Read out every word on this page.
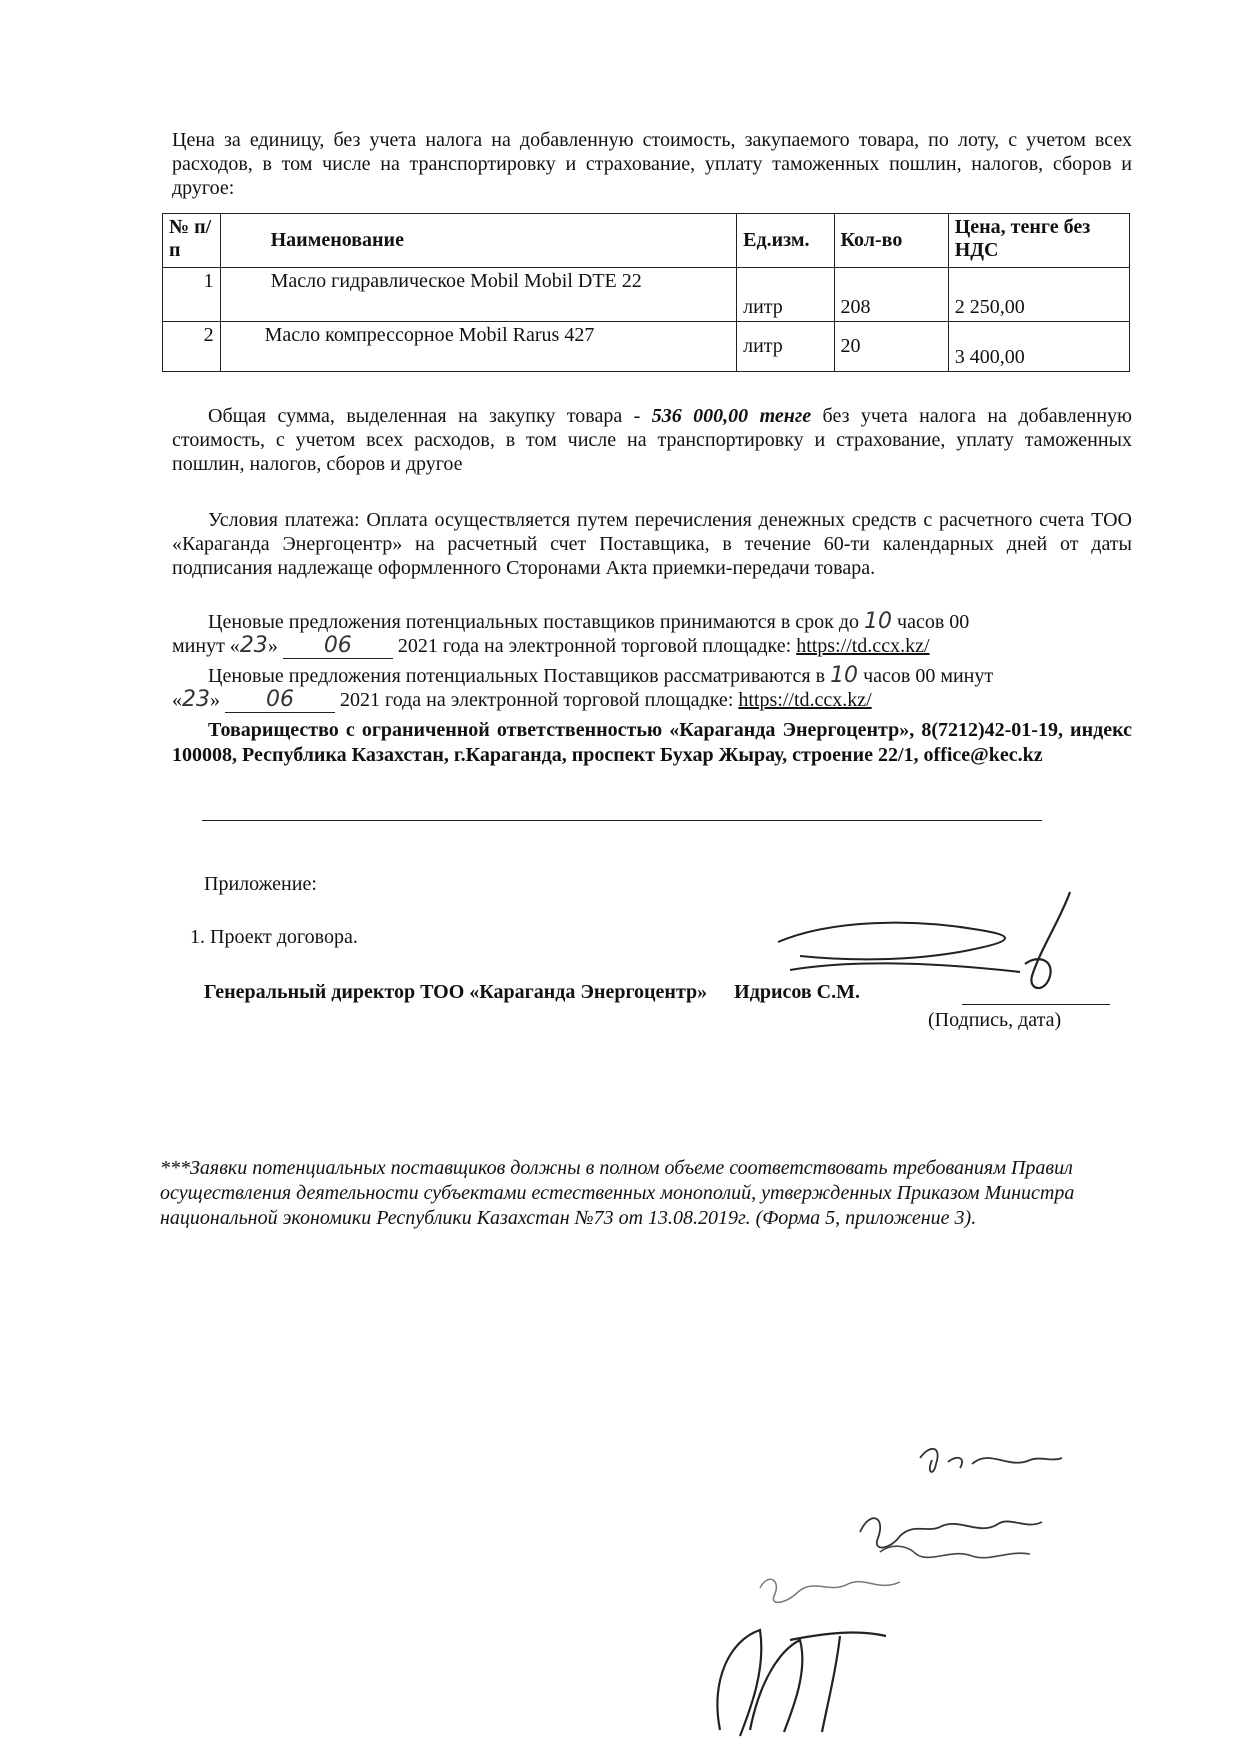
Цена за единицу, без учета налога на добавленную стоимость, закупаемого товара, по лоту, с учетом всех расходов, в том числе на транспортировку и страхование, уплату таможенных пошлин, налогов, сборов и другое:

№ п/п	Наименование	Ед.изм.	Кол-во	Цена, тенге без НДС
1	Масло гидравлическое Mobil Mobil DTE 22	литр	208	2 250,00
2	Масло компрессорное Mobil Rarus 427	литр	20	3 400,00

Общая сумма, выделенная на закупку товара - 536 000,00 тенге без учета налога на добавленную стоимость, с учетом всех расходов, в том числе на транспортировку и страхование, уплату таможенных пошлин, налогов, сборов и другое

Условия платежа: Оплата осуществляется путем перечисления денежных средств с расчетного счета ТОО «Караганда Энергоцентр» на расчетный счет Поставщика, в течение 60-ти календарных дней от даты подписания надлежаще оформленного Сторонами Акта приемки-передачи товара.

Ценовые предложения потенциальных поставщиков принимаются в срок до 10 часов 00
минут «23» 06 2021 года на электронной торговой площадке: https://td.ccx.kz/
Ценовые предложения потенциальных Поставщиков рассматриваются в 10 часов 00 минут
«23» 06 2021 года на электронной торговой площадке: https://td.ccx.kz/

Товарищество с ограниченной ответственностью «Караганда Энергоцентр», 8(7212)42-01-19, индекс 100008, Республика Казахстан, г.Караганда, проспект Бухар Жырау, строение 22/1, office@kec.kz

Приложение:
1. Проект договора.
Генеральный директор ТОО «Караганда Энергоцентр» Идрисов С.М.
(Подпись, дата)

***Заявки потенциальных поставщиков должны в полном объеме соответствовать требованиям Правил осуществления деятельности субъектами естественных монополий, утвержденных Приказом Министра национальной экономики Республики Казахстан №73 от 13.08.2019г. (Форма 5, приложение 3).
